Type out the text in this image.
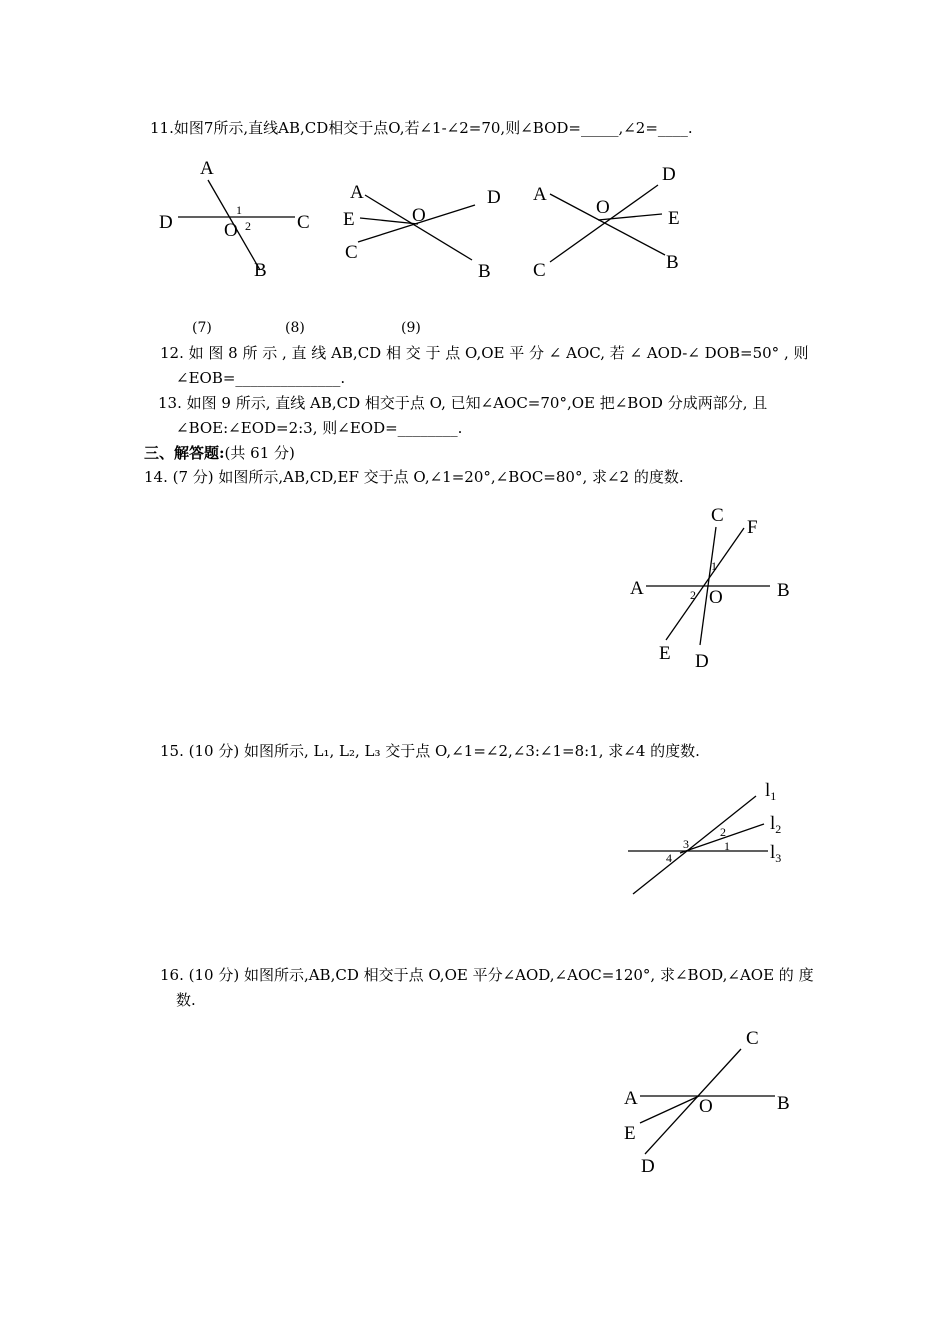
11.如图7所示,直线AB,CD相交于点O,若∠1-∠2=70,则∠BOD=_____,∠2=____.
A
D	C
O
B
1
2
A
E
C
O
D
B
A
C
O
D
E
B
(7)	(8)	(9)
12. 如 图 8 所 示 , 直 线 AB,CD 相 交 于 点 O,OE 平 分 ∠ AOC, 若 ∠ AOD-∠ DOB=50° , 则
∠EOB=______________.
13. 如图 9 所示, 直线 AB,CD 相交于点 O, 已知∠AOC=70°,OE 把∠BOD 分成两部分, 且
∠BOE:∠EOD=2:3, 则∠EOD=________.
三、解答题:(共 61 分)
14. (7 分) 如图所示,AB,CD,EF 交于点 O,∠1=20°,∠BOC=80°, 求∠2 的度数.
C
F
A	B
O
E D
1
2
15. (10 分) 如图所示, L₁, L₂, L₃ 交于点 O,∠1=∠2,∠3:∠1=8:1, 求∠4 的度数.
$l_1$
$l_2$
$l_3$
1
2
3
4
16. (10 分) 如图所示,AB,CD 相交于点 O,OE 平分∠AOD,∠AOC=120°, 求∠BOD,∠AOE 的 度
数.
C
A	B
O
E
D
